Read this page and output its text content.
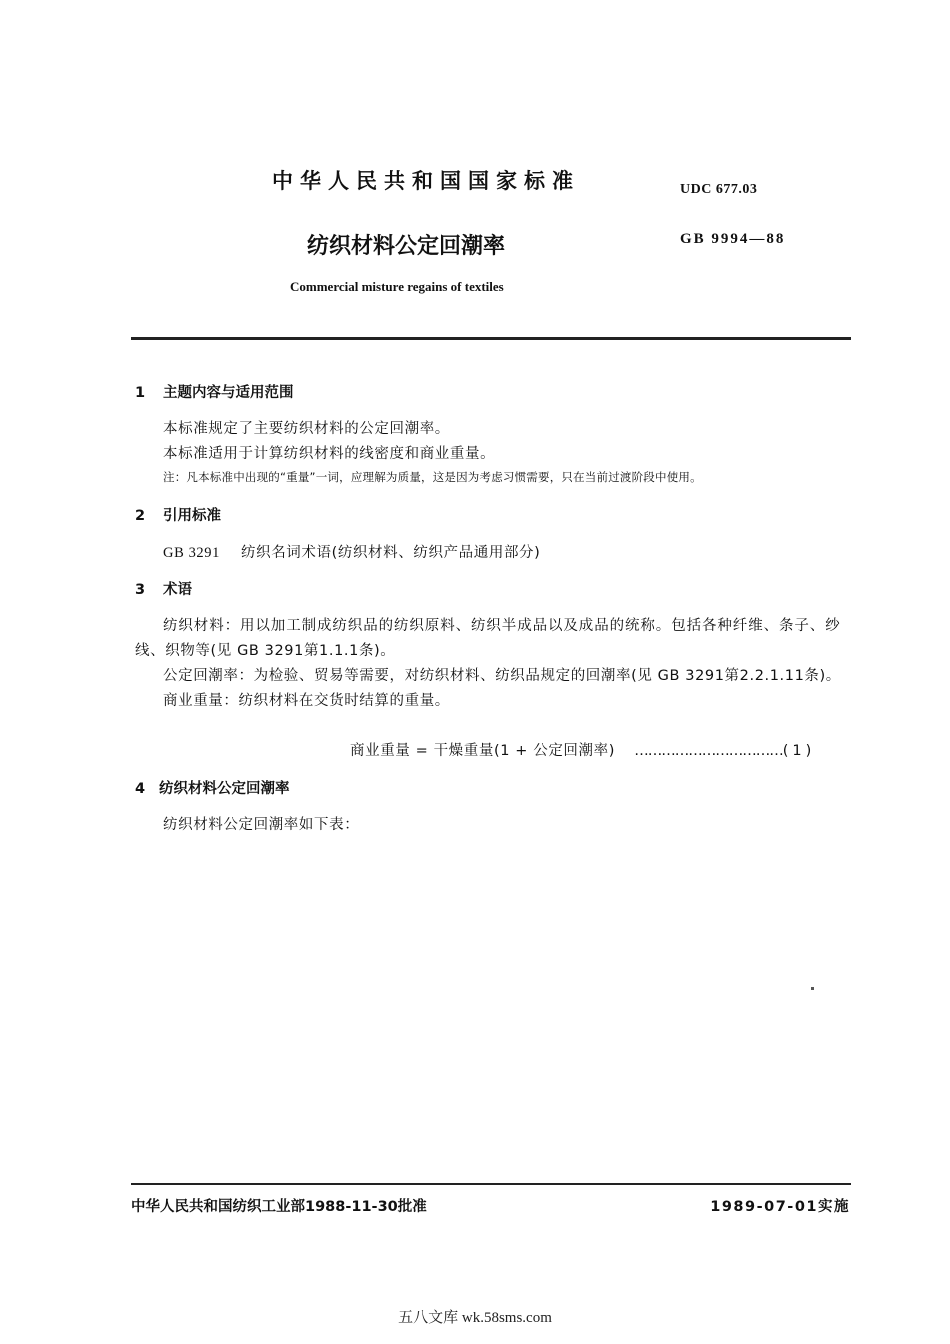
中华人民共和国国家标准	UDC 677.03
纺织材料公定回潮率	GB 9994—88
Commercial misture regains of textiles
1 主题内容与适用范围
本标准规定了主要纺织材料的公定回潮率。
本标准适用于计算纺织材料的线密度和商业重量。
注：凡本标准中出现的“重量”一词，应理解为质量，这是因为考虑习惯需要，只在当前过渡阶段中使用。
2 引用标准
GB 3291 纺织名词术语(纺织材料、纺织产品通用部分)
3 术语
纺织材料：用以加工制成纺织品的纺织原料、纺织半成品以及成品的统称。包括各种纤维、条子、纱
线、织物等(见 GB 3291第1.1.1条)。
公定回潮率：为检验、贸易等需要，对纺织材料、纺织品规定的回潮率(见 GB 3291第2.2.1.11条)。
商业重量：纺织材料在交货时结算的重量。
商业重量 = 干燥重量(1 + 公定回潮率) ……………………………(1)
4 纺织材料公定回潮率
纺织材料公定回潮率如下表：
中华人民共和国纺织工业部1988-11-30批准	1989-07-01实施
五八文库 wk.58sms.com
